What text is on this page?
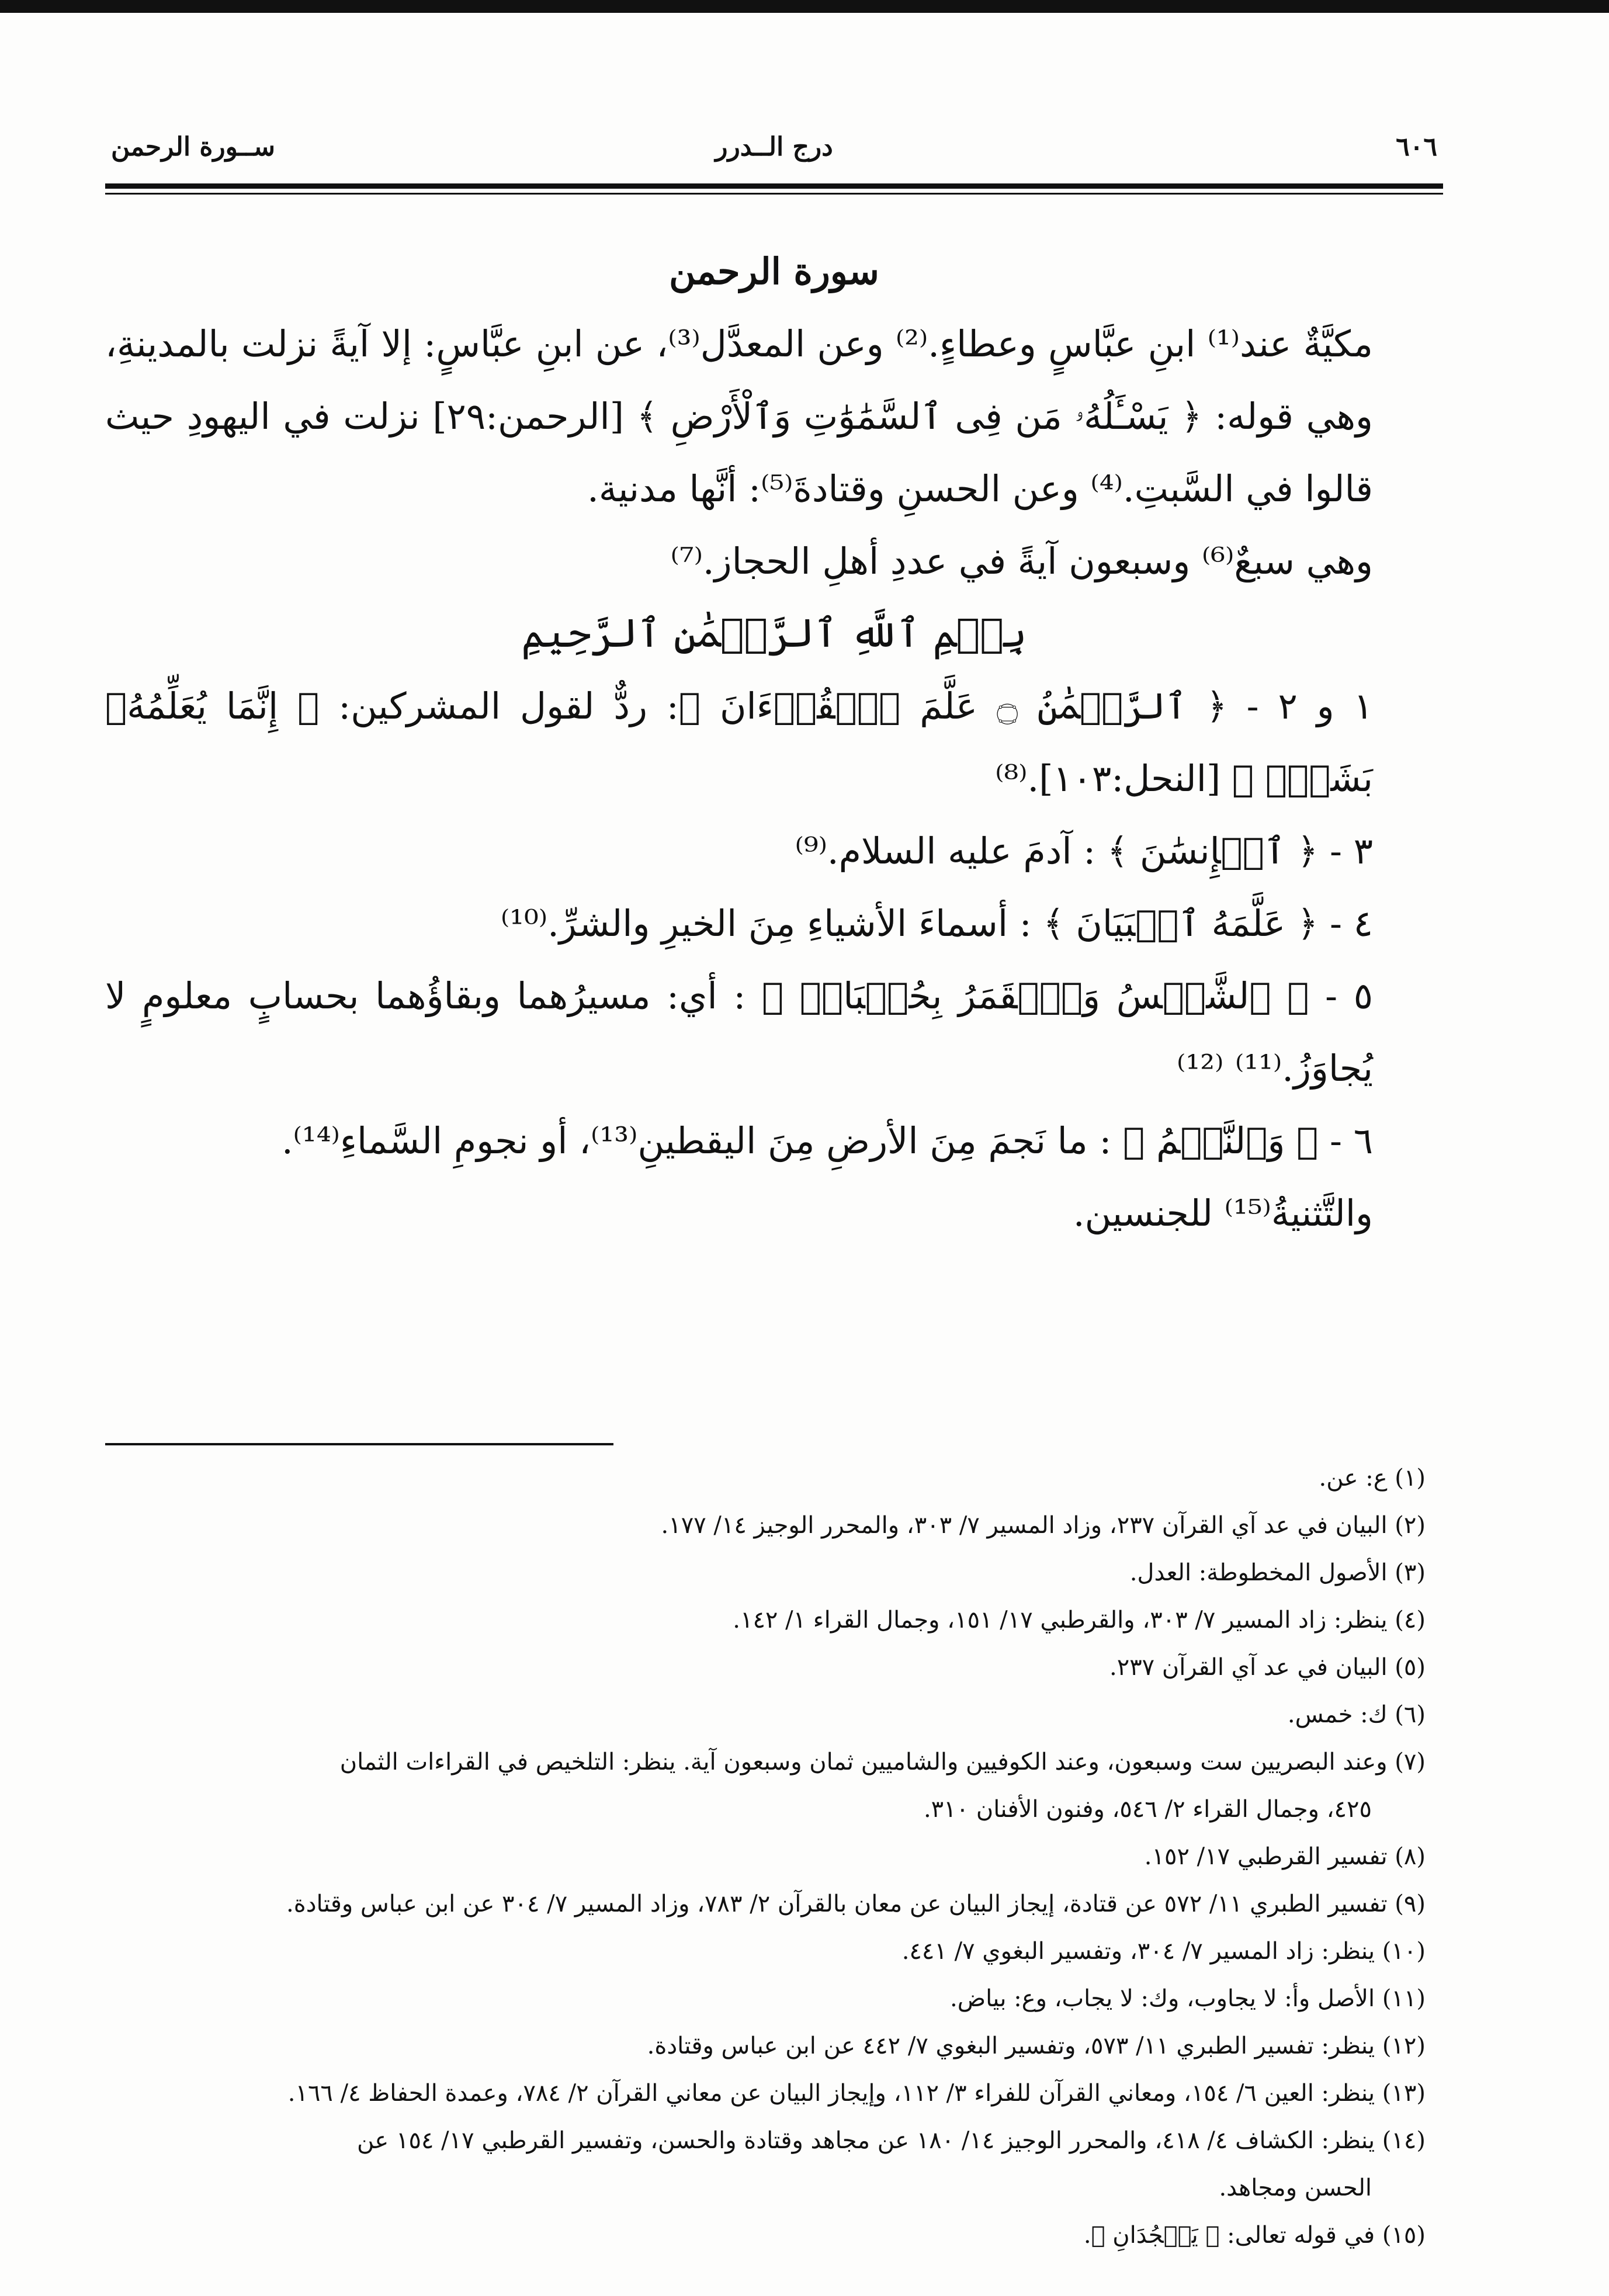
٦٠٦
درج الــدرر
ســورة الرحمن

سورة الرحمن

مكيَّةٌ عند⁽¹⁾ ابنِ عبَّاسٍ وعطاءٍ.⁽²⁾ وعن المعدَّل⁽³⁾، عن ابنِ عبَّاسٍ: إلا آيةً نزلت بالمدينةِ، وهي قوله: ﴿ يَسْـَٔلُهُۥ مَن فِى ٱلسَّمَٰوَٰتِ وَٱلْأَرْضِ ﴾ [الرحمن:٢٩] نزلت في اليهودِ حيث قالوا في السَّبتِ.⁽⁴⁾ وعن الحسنِ وقتادةَ⁽⁵⁾: أنَّها مدنية.

وهي سبعٌ⁽⁶⁾ وسبعون آيةً في عددِ أهلِ الحجاز.⁽⁷⁾

بِسۡمِ ٱللَّهِ ٱلرَّحۡمَٰنِ ٱلرَّحِيمِ

١ و ٢ - ﴿ ٱلرَّحۡمَٰنُ ۝ عَلَّمَ ٱلۡقُرۡءَانَ ﴾: ردٌّ لقول المشركين: ﴿ إِنَّمَا يُعَلِّمُهُۥ بَشَرٌۗ ﴾ [النحل:١٠٣].⁽⁸⁾

٣ - ﴿ ٱلۡإِنسَٰنَ ﴾ : آدمَ عليه السلام.⁽⁹⁾

٤ - ﴿ عَلَّمَهُ ٱلۡبَيَانَ ﴾ : أسماءَ الأشياءِ مِنَ الخيرِ والشرِّ.⁽¹⁰⁾

٥ - ﴿ ٱلشَّمۡسُ وَٱلۡقَمَرُ بِحُسۡبَانٖ ﴾ : أي: مسيرُهما وبقاؤُهما بحسابٍ معلومٍ لا يُجاوَزُ.⁽¹¹⁾ ⁽¹²⁾

٦ - ﴿ وَٱلنَّجۡمُ ﴾ : ما نَجمَ مِنَ الأرضِ مِنَ اليقطينِ⁽¹³⁾، أو نجومِ السَّماءِ⁽¹⁴⁾.

والتَّثنيةُ⁽¹⁵⁾ للجنسين.

(١) ع: عن.

(٢) البيان في عد آي القرآن ٢٣٧، وزاد المسير ٧/ ٣٠٣، والمحرر الوجيز ١٤/ ١٧٧.

(٣) الأصول المخطوطة: العدل.

(٤) ينظر: زاد المسير ٧/ ٣٠٣، والقرطبي ١٧/ ١٥١، وجمال القراء ١/ ١٤٢.

(٥) البيان في عد آي القرآن ٢٣٧.

(٦) ك: خمس.

(٧) وعند البصريين ست وسبعون، وعند الكوفيين والشاميين ثمان وسبعون آية. ينظر: التلخيص في القراءات الثمان

٤٢٥، وجمال القراء ٢/ ٥٤٦، وفنون الأفنان ٣١٠.

(٨) تفسير القرطبي ١٧/ ١٥٢.

(٩) تفسير الطبري ١١/ ٥٧٢ عن قتادة، إيجاز البيان عن معان بالقرآن ٢/ ٧٨٣، وزاد المسير ٧/ ٣٠٤ عن ابن عباس وقتادة.

(١٠) ينظر: زاد المسير ٧/ ٣٠٤، وتفسير البغوي ٧/ ٤٤١.

(١١) الأصل وأ: لا يجاوب، وك: لا يجاب، وع: بياض.

(١٢) ينظر: تفسير الطبري ١١/ ٥٧٣، وتفسير البغوي ٧/ ٤٤٢ عن ابن عباس وقتادة.

(١٣) ينظر: العين ٦/ ١٥٤، ومعاني القرآن للفراء ٣/ ١١٢، وإيجاز البيان عن معاني القرآن ٢/ ٧٨٤، وعمدة الحفاظ ٤/ ١٦٦.

(١٤) ينظر: الكشاف ٤/ ٤١٨، والمحرر الوجيز ١٤/ ١٨٠ عن مجاهد وقتادة والحسن، وتفسير القرطبي ١٧/ ١٥٤ عن

الحسن ومجاهد.

(١٥) في قوله تعالى: ﴿ يَسۡجُدَانِ ﴾.
